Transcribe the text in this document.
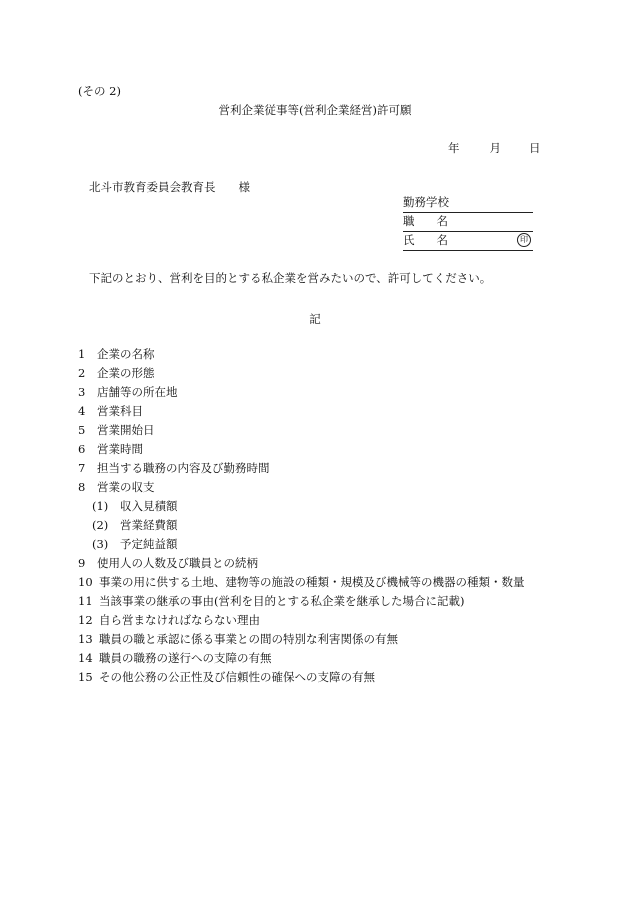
(その 2)
営利企業従事等(営利企業経営)許可願
年	月 日
北斗市教育委員会教育長　　様
勤務学校
職 名
氏 名	印
下記のとおり、営利を目的とする私企業を営みたいので、許可してください。
記
1 企業の名称
2 企業の形態
3 店舗等の所在地
4 営業科目
5 営業開始日
6 営業時間
7 担当する職務の内容及び勤務時間
8 営業の収支
(1) 収入見積額
(2) 営業経費額
(3) 予定純益額
9 使用人の人数及び職員との続柄
10 事業の用に供する土地、建物等の施設の種類・規模及び機械等の機器の種類・数量
11 当該事業の継承の事由(営利を目的とする私企業を継承した場合に記載)
12 自ら営まなければならない理由
13 職員の職と承認に係る事業との間の特別な利害関係の有無
14 職員の職務の遂行への支障の有無
15 その他公務の公正性及び信頼性の確保への支障の有無
